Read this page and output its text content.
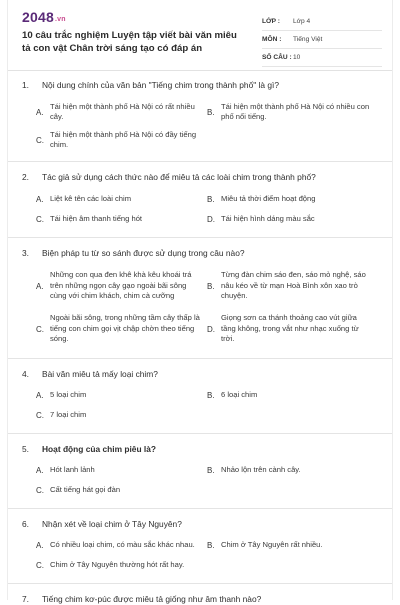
2048.vn
10 câu trắc nghiệm Luyện tập viết bài văn miêu tả con vật Chân trời sáng tạo có đáp án
LỚP :	Lớp 4
MÔN :	Tiếng Việt
SỐ CÂU : 10
1.	Nội dung chính của văn bản "Tiếng chim trong thành phố" là gì?
A.
Tái hiện một thành phố Hà Nội có rất nhiều cây.	B.
Tái hiện một thành phố Hà Nội có nhiều con phố nổi tiếng.
C.
Tái hiện một thành phố Hà Nội có đầy tiếng chim.
2.	Tác giả sử dụng cách thức nào để miêu tả các loài chim trong thành phố?
A. Liệt kê tên các loài chim	B. Miêu tả thời điểm hoạt động
C. Tái hiện âm thanh tiếng hót	D. Tái hiện hình dáng màu sắc
3.	Biện pháp tu từ so sánh được sử dụng trong câu nào?
A.
Những con qua đen khê khà kêu khoái trá trên những ngọn cây gạo ngoài bãi sông cùng với chim khách, chim cà cưỡng
B.
Từng đàn chim sáo đen, sáo mỏ nghệ, sáo nâu kéo về từ mạn Hoà Bình xôn xao trò chuyện.
C.
Ngoài bãi sông, trong những tầm cây thấp là tiếng con chim gọi vịt chập chờn theo tiếng sóng.
D.
Giọng sơn ca thánh thoảng cao vút giữa tầng không, trong vắt như nhạc xuống từ trời.
4.	Bài văn miêu tả mấy loại chim?
A. 5 loại chim	B. 6 loại chim
C. 7 loại chim
5.	Hoạt động của chim piêu là?
A. Hót lanh lảnh	B. Nhảo lộn trên cành cây.
C. Cất tiếng hát gọi đàn
6.	Nhận xét về loại chim ở Tây Nguyên?
A. Có nhiều loại chim, có màu sắc khác nhau. B. Chim ở Tây Nguyên rất nhiều.
C. Chim ở Tây Nguyên thường hót rất hay.
7.	Tiếng chim kơ-púc được miêu tả giống như âm thanh nào?
